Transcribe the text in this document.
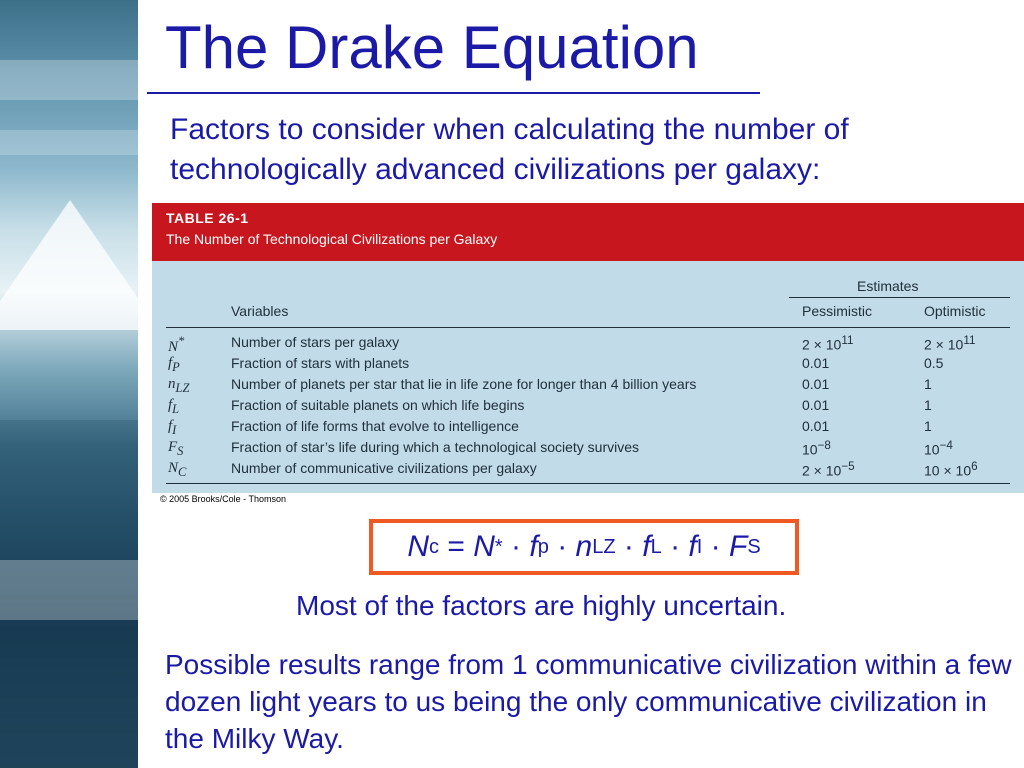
The Drake Equation

Factors to consider when calculating the number of technologically advanced civilizations per galaxy:

TABLE 26-1
The Number of Technological Civilizations per Galaxy
Estimates
Variables	Pessimistic	Optimistic
N*	Number of stars per galaxy	$2 \times 10^{11}$	$2 \times 10^{11}$
$f_P$	Fraction of stars with planets	0.01	0.5
$n_{LZ}$	Number of planets per star that lie in life zone for longer than 4 billion years	0.01	1
$f_L$	Fraction of suitable planets on which life begins	0.01	1
$f_I$	Fraction of life forms that evolve to intelligence	0.01	1
$F_S$	Fraction of star’s life during which a technological society survives	$10^{-8}$	$10^{-4}$
$N_C$	Number of communicative civilizations per galaxy	$2 \times 10^{-5}$	$10 \times 10^6$
© 2005 Brooks/Cole - Thomson
N c
=
N *
·
f p
·
n LZ
·
f L
·
f I
·
F S

Most of the factors are highly uncertain.

Possible results range from 1 communicative civilization within a few dozen light years to us being the only communicative civilization in the Milky Way.
